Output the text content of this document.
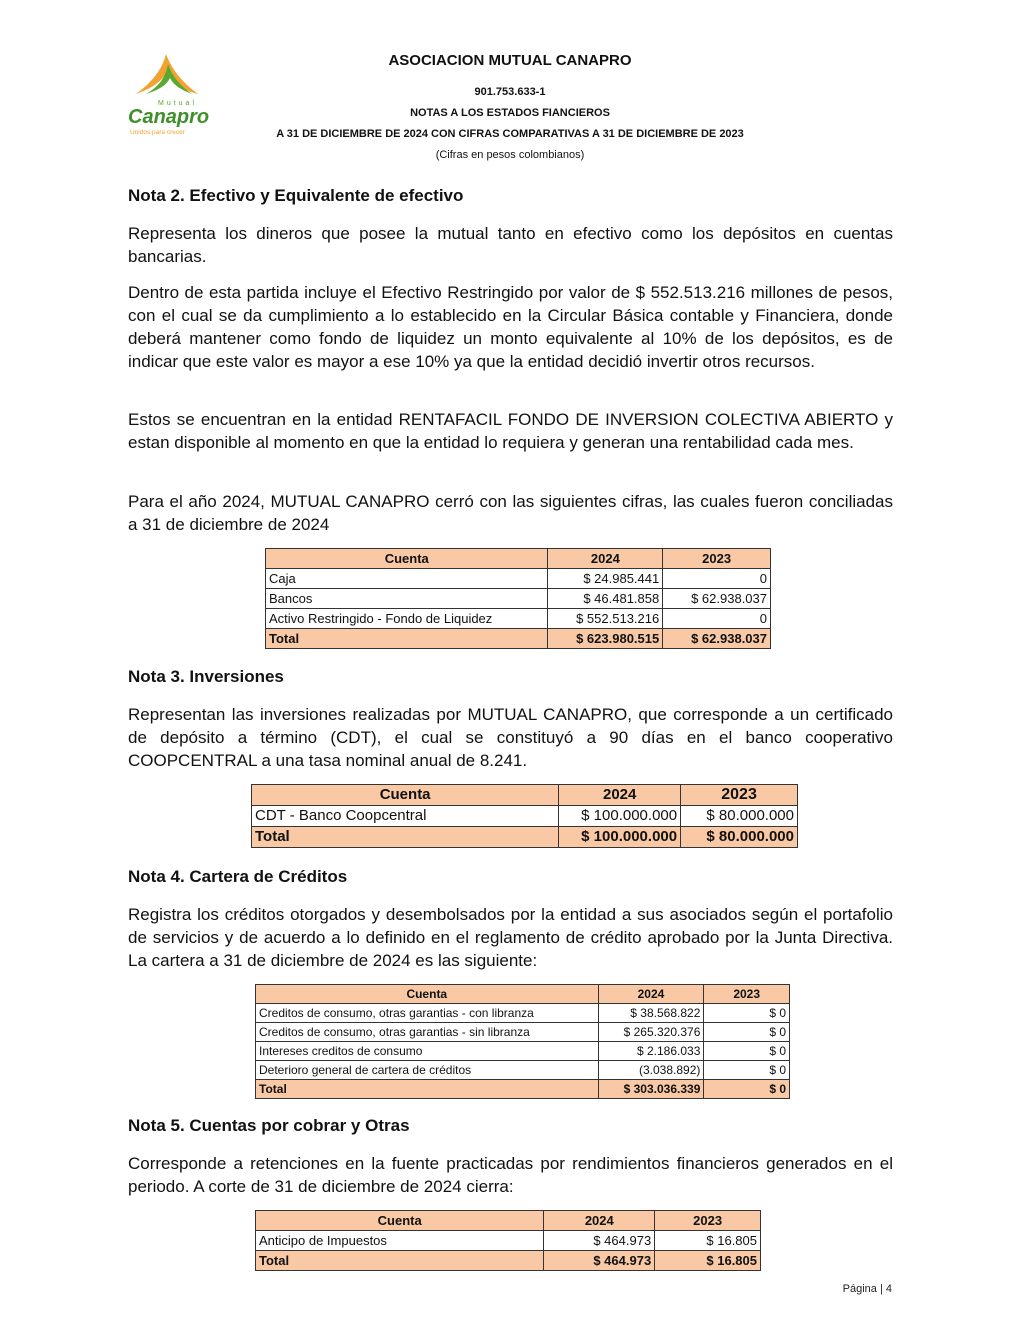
Mutual
Canapro
Unidos para crecer
ASOCIACION MUTUAL CANAPRO
901.753.633-1
NOTAS A LOS ESTADOS FIANCIEROS
A 31 DE DICIEMBRE DE 2024 CON CIFRAS COMPARATIVAS A 31 DE DICIEMBRE DE 2023
(Cifras en pesos colombianos)
Nota 2. Efectivo y Equivalente de efectivo

Representa los dineros que posee la mutual tanto en efectivo como los depósitos en cuentas bancarias.

Dentro de esta partida incluye el Efectivo Restringido por valor de $ 552.513.216 millones de pesos, con el cual se da cumplimiento a lo establecido en la Circular Básica contable y Financiera, donde deberá mantener como fondo de liquidez un monto equivalente al 10% de los depósitos, es de indicar que este valor es mayor a ese 10% ya que la entidad decidió invertir otros recursos.

Estos se encuentran en la entidad RENTAFACIL FONDO DE INVERSION COLECTIVA ABIERTO y estan disponible al momento en que la entidad lo requiera y generan una rentabilidad cada mes.

Para el año 2024, MUTUAL CANAPRO cerró con las siguientes cifras, las cuales fueron conciliadas a 31 de diciembre de 2024

Cuenta	2024	2023
Caja	$ 24.985.441	0
Bancos	$ 46.481.858	$ 62.938.037
Activo Restringido - Fondo de Liquidez	$ 552.513.216	0
Total	$ 623.980.515	$ 62.938.037
Nota 3. Inversiones

Representan las inversiones realizadas por MUTUAL CANAPRO, que corresponde a un certificado de depósito a término (CDT), el cual se constituyó a 90 días en el banco cooperativo COOPCENTRAL a una tasa nominal anual de 8.241.

Cuenta	2024	2023
CDT - Banco Coopcentral	$ 100.000.000	$ 80.000.000
Total	$ 100.000.000	$ 80.000.000
Nota 4. Cartera de Créditos

Registra los créditos otorgados y desembolsados por la entidad a sus asociados según el portafolio de servicios y de acuerdo a lo definido en el reglamento de crédito aprobado por la Junta Directiva. La cartera a 31 de diciembre de 2024 es las siguiente:

Cuenta	2024	2023
Creditos de consumo, otras garantias - con libranza	$ 38.568.822	$ 0
Creditos de consumo, otras garantias - sin libranza	$ 265.320.376	$ 0
Intereses creditos de consumo	$ 2.186.033	$ 0
Deterioro general de cartera de créditos	(3.038.892)	$ 0
Total	$ 303.036.339	$ 0
Nota 5. Cuentas por cobrar y Otras

Corresponde a retenciones en la fuente practicadas por rendimientos financieros generados en el periodo. A corte de 31 de diciembre de 2024 cierra:

Cuenta	2024	2023
Anticipo de Impuestos	$ 464.973	$ 16.805
Total	$ 464.973	$ 16.805
Página | 4
